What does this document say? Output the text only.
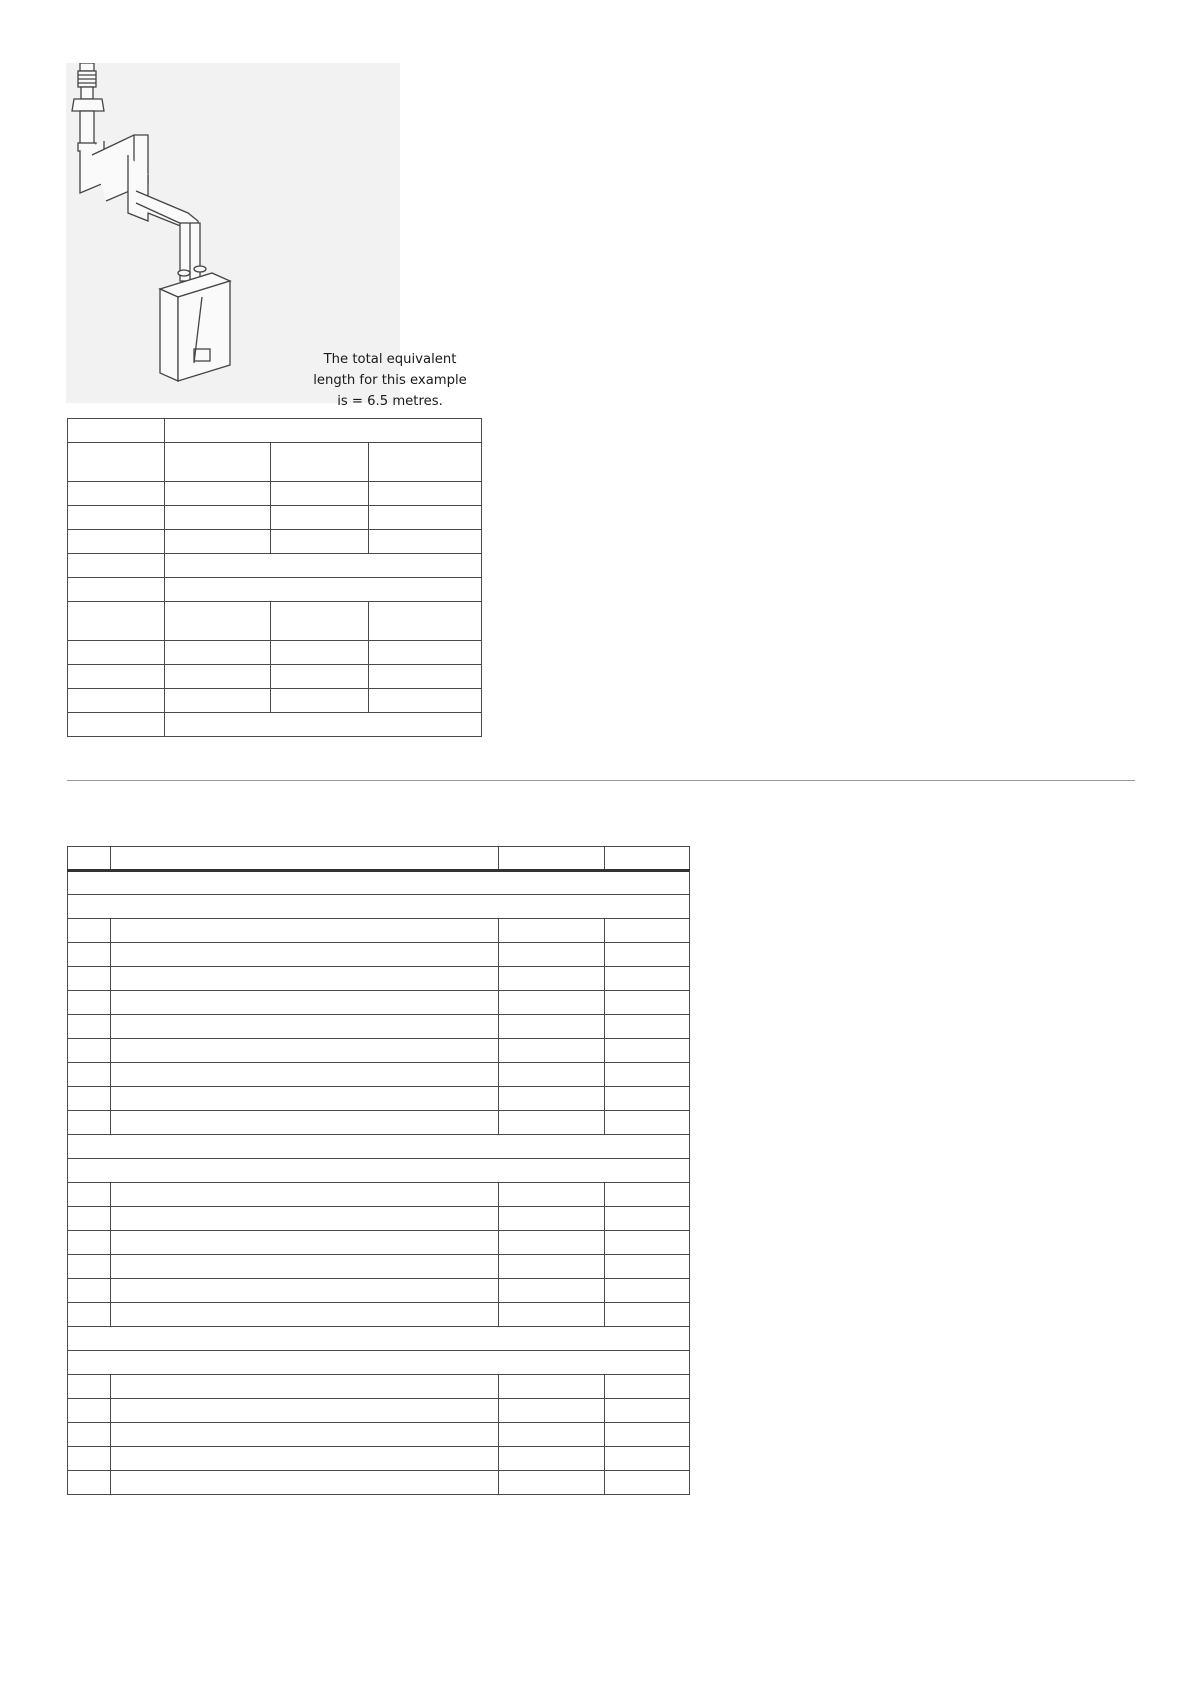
The total equivalent
length for this example
is = 6.5 metres.
